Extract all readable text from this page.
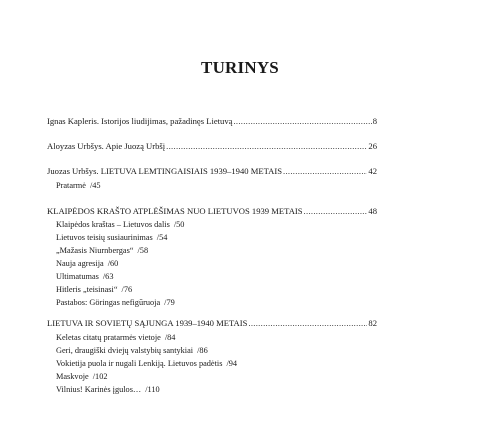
TURINYS
Ignas Kapleris. Istorijos liudijimas, pažadinęs Lietuvą .....	8
Aloyzas Urbšys. Apie Juozą Urbšį .....	26
Juozas Urbšys. LIETUVA LEMTINGAISIAIS 1939–1940 METAIS .....	42
Pratarmė /45
KLAIPĖDOS KRAŠTO ATPLĖŠIMAS NUO LIETUVOS 1939 METAIS .....	48
Klaipėdos kraštas – Lietuvos dalis /50
Lietuvos teisių susiaurinimas /54
„Mažasis Niurnbergas“ /58
Nauja agresija /60
Ultimatumas /63
Hitleris „teisinasi“ /76
Pastabos: Göringas nefigūruoja /79
LIETUVA IR SOVIETŲ SĄJUNGA 1939–1940 METAIS .....	82
Keletas citatų pratarmės vietoje /84
Geri, draugiški dviejų valstybių santykiai /86
Vokietija puola ir nugali Lenkiją. Lietuvos padėtis /94
Maskvoje /102
Vilnius! Karinės įgulos… /110
